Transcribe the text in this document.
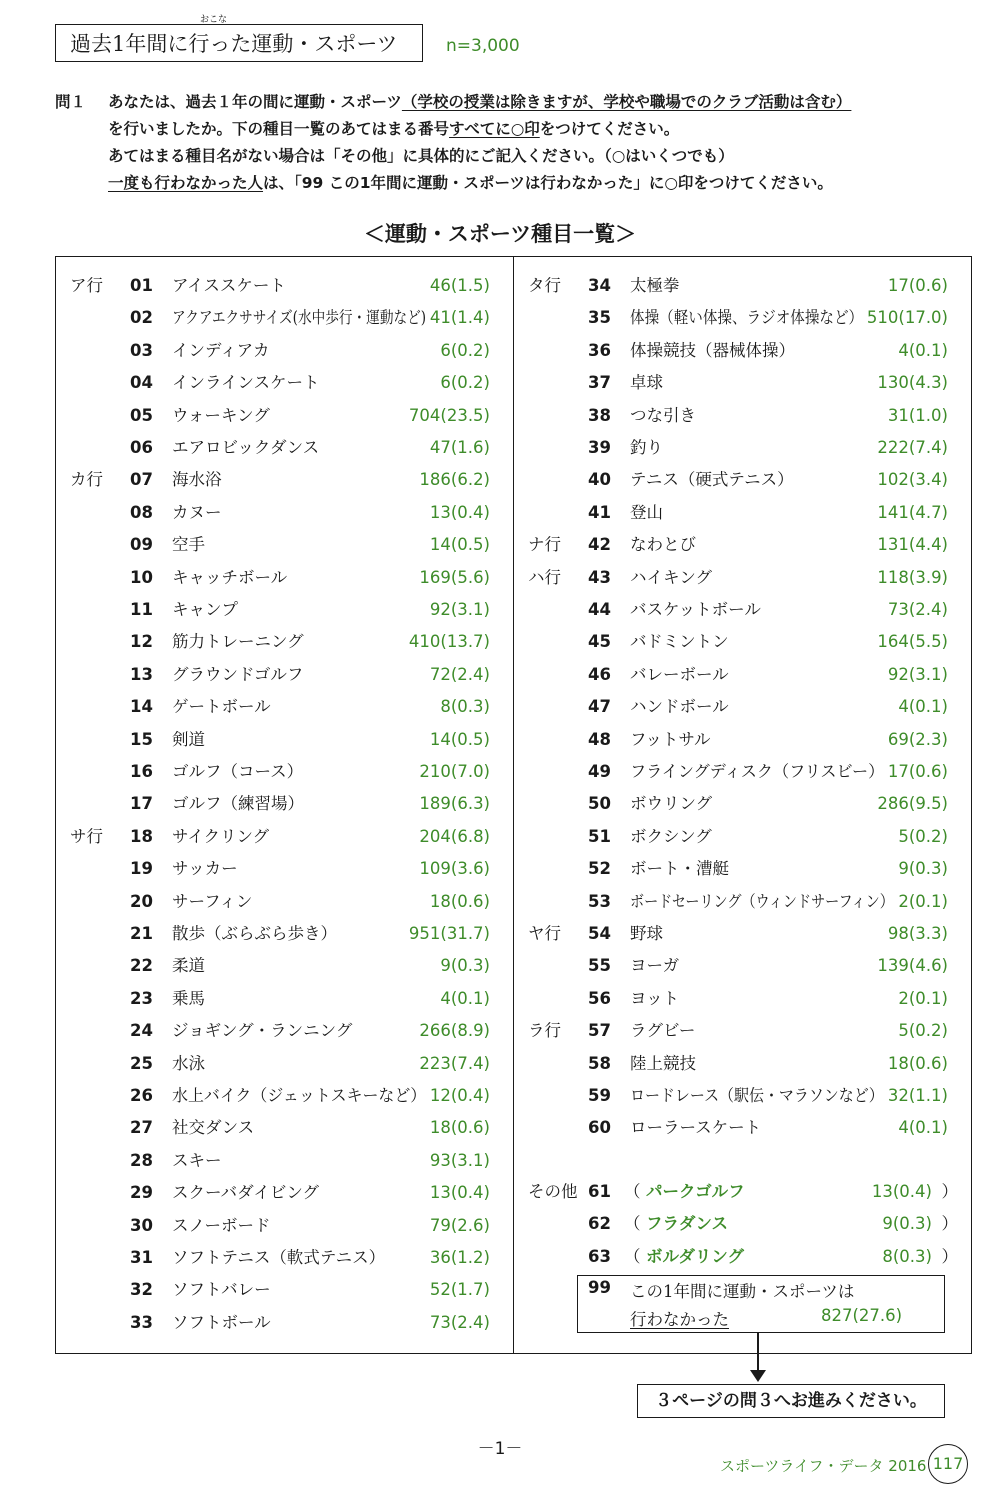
過去1年間に行った運動・スポーツ
おこな
n=3,000
問１ あなたは、過去１年の間に運動・スポーツ（学校の授業は除きますが、学校や職場でのクラブ活動は含む）
を行いましたか。下の種目一覧のあてはまる番号すべてに○印をつけてください。
あてはまる種目名がない場合は「その他」に具体的にご記入ください。（○はいくつでも）
一度も行わなかった人は、「99 この1年間に運動・スポーツは行わなかった」に○印をつけてください。
＜運動・スポーツ種目一覧＞
ア行 01 アイススケート	46(1.5)
02 アクアエクササイズ(水中歩行・運動など) 41(1.4)
03 インディアカ	6(0.2)
04 インラインスケート	6(0.2)
05 ウォーキング	704(23.5)
06 エアロビックダンス	47(1.6)
カ行 07 海水浴	186(6.2)
08 カヌー	13(0.4)
09 空手	14(0.5)
10 キャッチボール	169(5.6)
11 キャンプ	92(3.1)
12 筋力トレーニング	410(13.7)
13 グラウンドゴルフ	72(2.4)
14 ゲートボール	8(0.3)
15 剣道	14(0.5)
16 ゴルフ（コース）	210(7.0)
17 ゴルフ（練習場）	189(6.3)
サ行 18 サイクリング	204(6.8)
19 サッカー	109(3.6)
20 サーフィン	18(0.6)
21 散歩（ぶらぶら歩き）	951(31.7)
22 柔道	9(0.3)
23 乗馬	4(0.1)
24 ジョギング・ランニング	266(8.9)
25 水泳	223(7.4)
26 水上バイク（ジェットスキーなど） 12(0.4)
27 社交ダンス	18(0.6)
28 スキー	93(3.1)
29 スクーバダイビング	13(0.4)
30 スノーボード	79(2.6)
31 ソフトテニス（軟式テニス）	36(1.2)
32 ソフトバレー	52(1.7)
33 ソフトボール	73(2.4)
タ行 34 太極拳	17(0.6)
35 体操（軽い体操、ラジオ体操など） 510(17.0)
36 体操競技（器械体操）	4(0.1)
37 卓球	130(4.3)
38 つな引き	31(1.0)
39 釣り	222(7.4)
40 テニス（硬式テニス）	102(3.4)
41 登山	141(4.7)
ナ行 42 なわとび	131(4.4)
ハ行 43 ハイキング	118(3.9)
44 バスケットボール	73(2.4)
45 バドミントン	164(5.5)
46 バレーボール	92(3.1)
47 ハンドボール	4(0.1)
48 フットサル	69(2.3)
49 フライングディスク（フリスビー） 17(0.6)
50 ボウリング	286(9.5)
51 ボクシング	5(0.2)
52 ボート・漕艇	9(0.3)
53 ボードセーリング（ウィンドサーフィン） 2(0.1)
ヤ行 54 野球	98(3.3)
55 ヨーガ	139(4.6)
56 ヨット	2(0.1)
ラ行 57 ラグビー	5(0.2)
58 陸上競技	18(0.6)
59 ロードレース（駅伝・マラソンなど） 32(1.1)
60 ローラースケート	4(0.1)
その他 61 （ パークゴルフ	13(0.4) ）
62 （ フラダンス	9(0.3) ）
63 （ ボルダリング	8(0.3) ）
99 この1年間に運動・スポーツは
行わなかった	827(27.6)
３ページの問３へお進みください。
－1－
スポーツライフ・データ 2016 117
